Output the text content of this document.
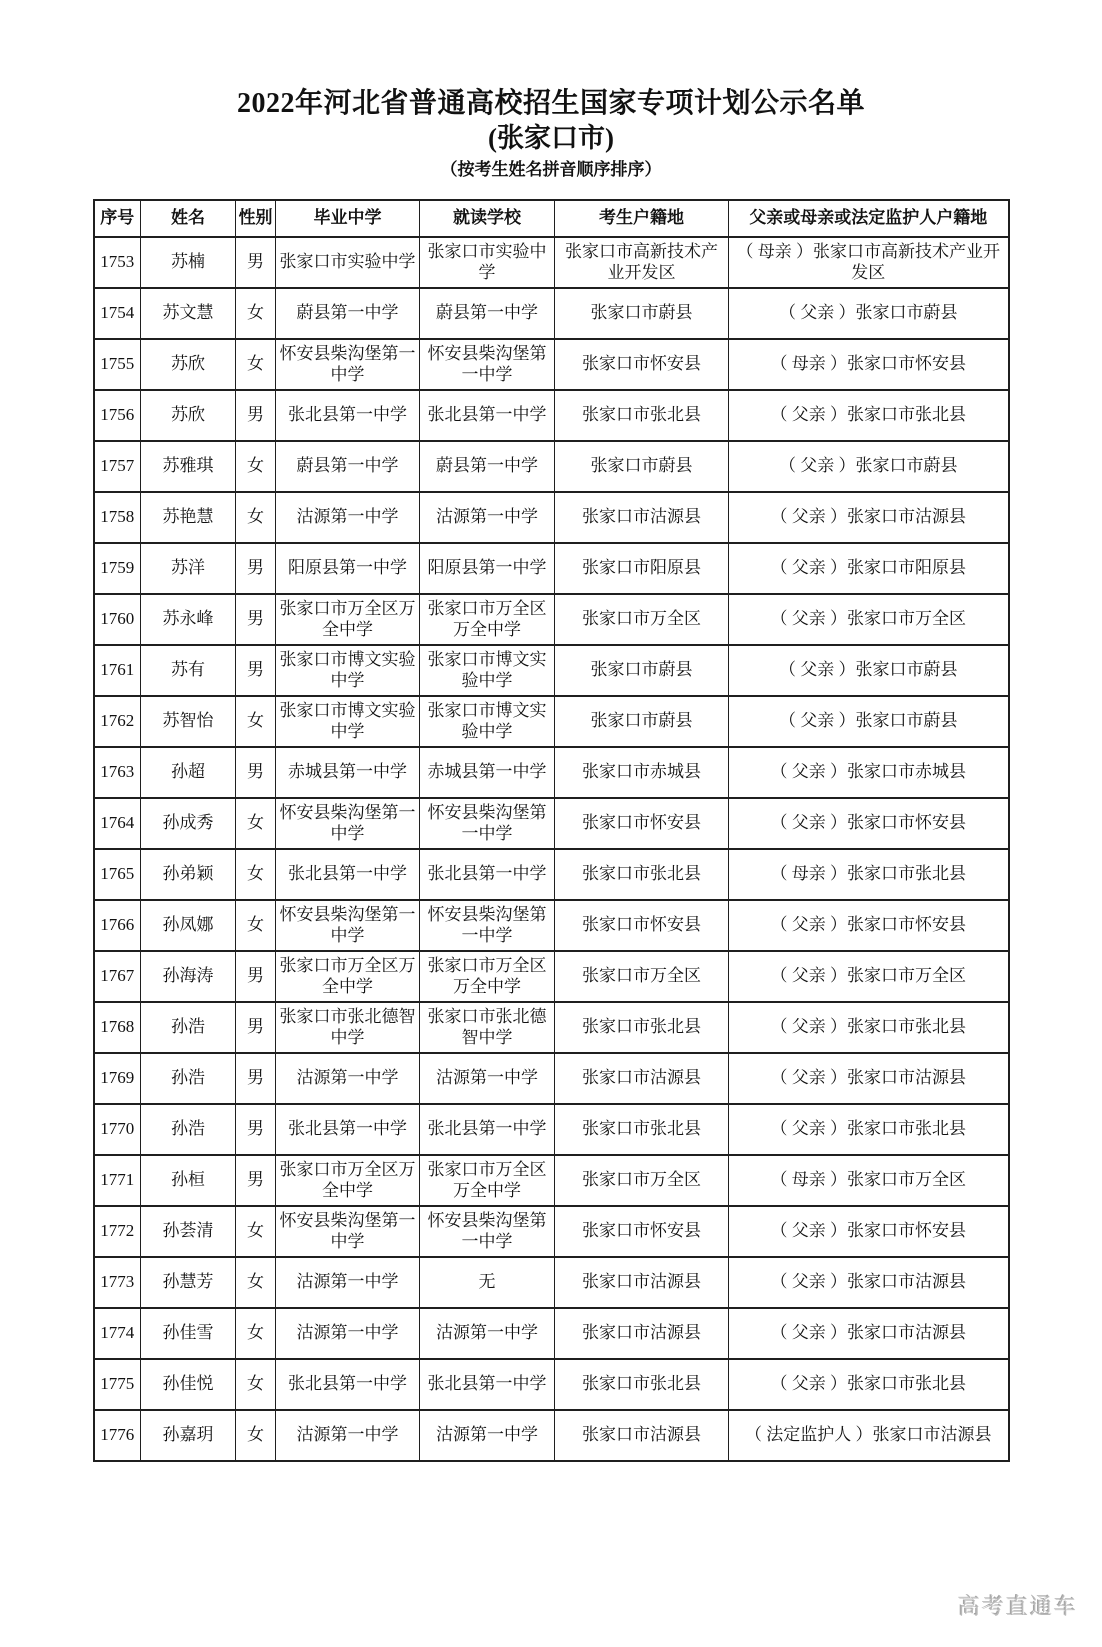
2022年河北省普通高校招生国家专项计划公示名单
(张家口市)
（按考生姓名拼音顺序排序）
序号	姓名	性别	毕业中学	就读学校	考生户籍地	父亲或母亲或法定监护人户籍地
1753	苏楠	男	张家口市实验中学	张家口市实验中学	张家口市高新技术产业开发区	（ 母亲 ）张家口市高新技术产业开发区
1754	苏文慧	女	蔚县第一中学	蔚县第一中学	张家口市蔚县	（ 父亲 ）张家口市蔚县
1755	苏欣	女	怀安县柴沟堡第一中学	怀安县柴沟堡第一中学	张家口市怀安县	（ 母亲 ）张家口市怀安县
1756	苏欣	男	张北县第一中学	张北县第一中学	张家口市张北县	（ 父亲 ）张家口市张北县
1757	苏雅琪	女	蔚县第一中学	蔚县第一中学	张家口市蔚县	（ 父亲 ）张家口市蔚县
1758	苏艳慧	女	沽源第一中学	沽源第一中学	张家口市沽源县	（ 父亲 ）张家口市沽源县
1759	苏洋	男	阳原县第一中学	阳原县第一中学	张家口市阳原县	（ 父亲 ）张家口市阳原县
1760	苏永峰	男	张家口市万全区万全中学	张家口市万全区万全中学	张家口市万全区	（ 父亲 ）张家口市万全区
1761	苏有	男	张家口市博文实验中学	张家口市博文实验中学	张家口市蔚县	（ 父亲 ）张家口市蔚县
1762	苏智怡	女	张家口市博文实验中学	张家口市博文实验中学	张家口市蔚县	（ 父亲 ）张家口市蔚县
1763	孙超	男	赤城县第一中学	赤城县第一中学	张家口市赤城县	（ 父亲 ）张家口市赤城县
1764	孙成秀	女	怀安县柴沟堡第一中学	怀安县柴沟堡第一中学	张家口市怀安县	（ 父亲 ）张家口市怀安县
1765	孙弟颖	女	张北县第一中学	张北县第一中学	张家口市张北县	（ 母亲 ）张家口市张北县
1766	孙凤娜	女	怀安县柴沟堡第一中学	怀安县柴沟堡第一中学	张家口市怀安县	（ 父亲 ）张家口市怀安县
1767	孙海涛	男	张家口市万全区万全中学	张家口市万全区万全中学	张家口市万全区	（ 父亲 ）张家口市万全区
1768	孙浩	男	张家口市张北德智中学	张家口市张北德智中学	张家口市张北县	（ 父亲 ）张家口市张北县
1769	孙浩	男	沽源第一中学	沽源第一中学	张家口市沽源县	（ 父亲 ）张家口市沽源县
1770	孙浩	男	张北县第一中学	张北县第一中学	张家口市张北县	（ 父亲 ）张家口市张北县
1771	孙桓	男	张家口市万全区万全中学	张家口市万全区万全中学	张家口市万全区	（ 母亲 ）张家口市万全区
1772	孙荟清	女	怀安县柴沟堡第一中学	怀安县柴沟堡第一中学	张家口市怀安县	（ 父亲 ）张家口市怀安县
1773	孙慧芳	女	沽源第一中学	无	张家口市沽源县	（ 父亲 ）张家口市沽源县
1774	孙佳雪	女	沽源第一中学	沽源第一中学	张家口市沽源县	（ 父亲 ）张家口市沽源县
1775	孙佳悦	女	张北县第一中学	张北县第一中学	张家口市张北县	（ 父亲 ）张家口市张北县
1776	孙嘉玥	女	沽源第一中学	沽源第一中学	张家口市沽源县	（ 法定监护人 ）张家口市沽源县
高考直通车
